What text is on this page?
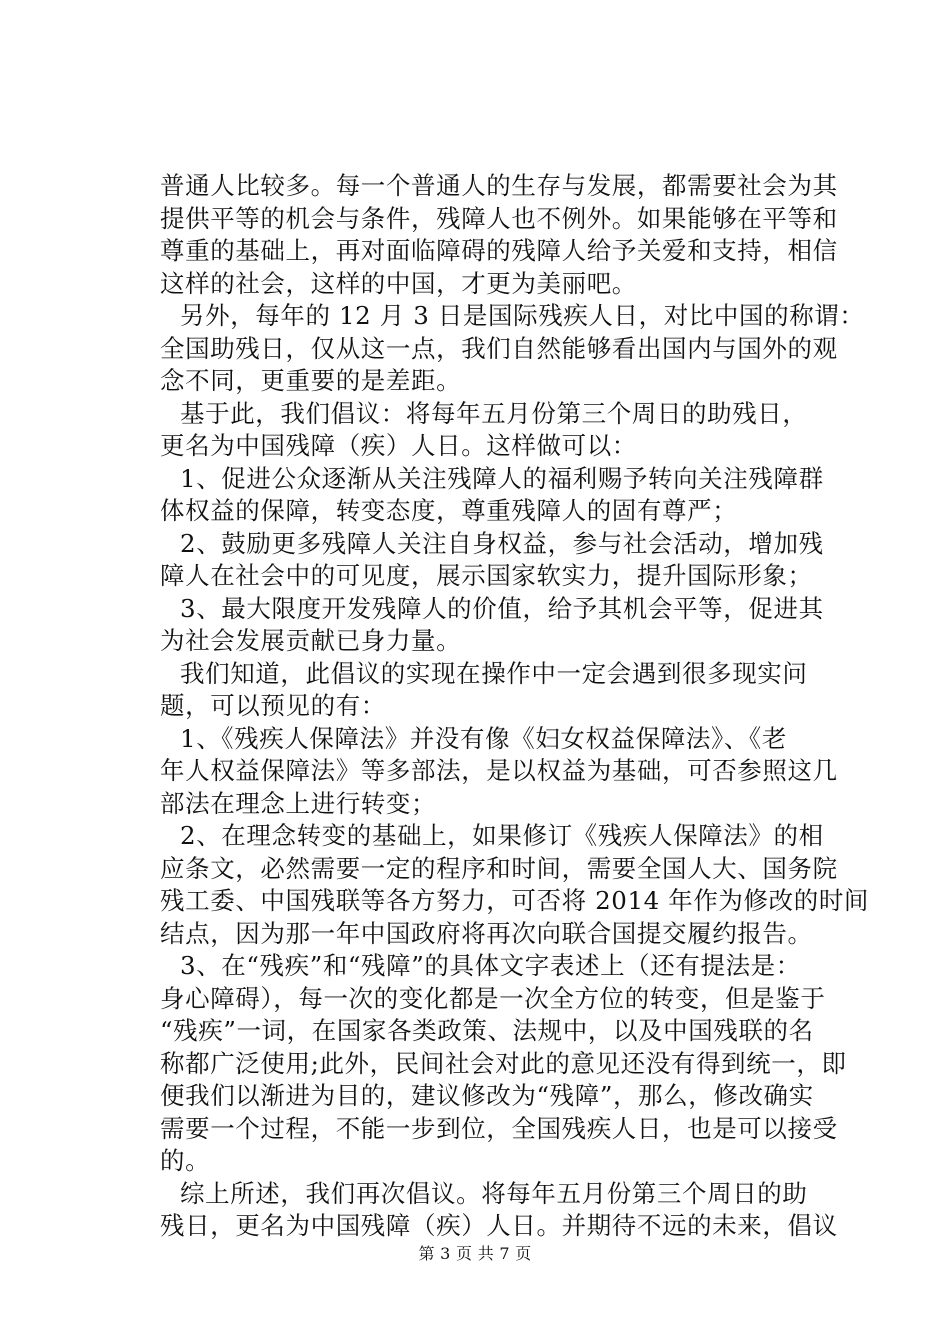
普通人比较多。每一个普通人的生存与发展，都需要社会为其
提供平等的机会与条件，残障人也不例外。如果能够在平等和
尊重的基础上，再对面临障碍的残障人给予关爱和支持，相信
这样的社会，这样的中国，才更为美丽吧。
另外，每年的 12 月 3 日是国际残疾人日，对比中国的称谓：
全国助残日，仅从这一点，我们自然能够看出国内与国外的观
念不同，更重要的是差距。
基于此，我们倡议：将每年五月份第三个周日的助残日，
更名为中国残障（疾）人日。这样做可以：
1、促进公众逐渐从关注残障人的福利赐予转向关注残障群
体权益的保障，转变态度，尊重残障人的固有尊严；
2、鼓励更多残障人关注自身权益，参与社会活动，增加残
障人在社会中的可见度，展示国家软实力，提升国际形象；
3、最大限度开发残障人的价值，给予其机会平等，促进其
为社会发展贡献已身力量。
我们知道，此倡议的实现在操作中一定会遇到很多现实问
题，可以预见的有：
1、《残疾人保障法》并没有像《妇女权益保障法》、《老
年人权益保障法》等多部法，是以权益为基础，可否参照这几
部法在理念上进行转变；
2、在理念转变的基础上，如果修订《残疾人保障法》的相
应条文，必然需要一定的程序和时间，需要全国人大、国务院
残工委、中国残联等各方努力，可否将 2014 年作为修改的时间
结点，因为那一年中国政府将再次向联合国提交履约报告。
3、在“残疾”和“残障”的具体文字表述上（还有提法是：
身心障碍），每一次的变化都是一次全方位的转变，但是鉴于
“残疾”一词，在国家各类政策、法规中，以及中国残联的名
称都广泛使用;此外，民间社会对此的意见还没有得到统一，即
便我们以渐进为目的，建议修改为“残障”，那么，修改确实
需要一个过程，不能一步到位，全国残疾人日，也是可以接受
的。
综上所述，我们再次倡议。将每年五月份第三个周日的助
残日，更名为中国残障（疾）人日。并期待不远的未来，倡议
第 3 页 共 7 页
